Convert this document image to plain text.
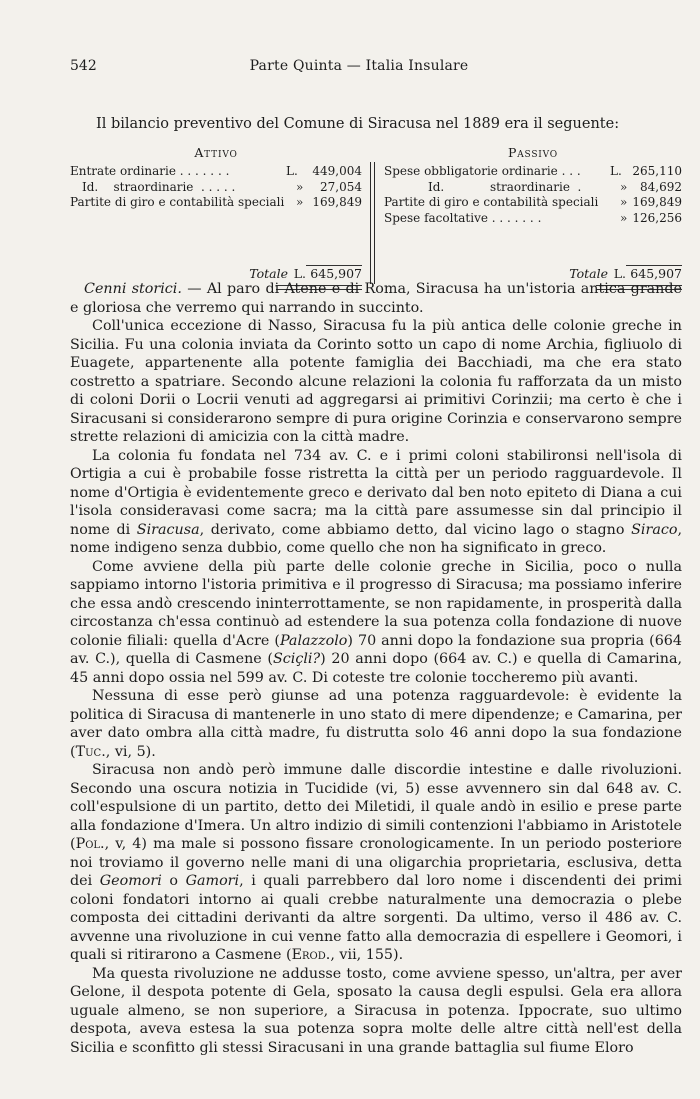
542	Parte Quinta — Italia Insulare
Il bilancio preventivo del Comune di Siracusa nel 1889 era il seguente:
Attivo	Passivo
Entrate ordinarie . . . . . . .	L. 449,004
Id.    straordinarie  . . . . .	» 27,054
Partite di giro e contabilità speciali » 169,849
Totale L. 645,907
Spese obbligatorie ordinarie . . . L. 265,110
Id.            straordinarie  .	» 84,692
Partite di giro e contabilità speciali » 169,849
Spese facoltative . . . . . . .	» 126,256
Totale L. 645,907

Cenni storici. — Al paro di Atene e di Roma, Siracusa ha un'istoria antica grande e gloriosa che verremo qui narrando in succinto.

Coll'unica eccezione di Nasso, Siracusa fu la più antica delle colonie greche in Sicilia. Fu una colonia inviata da Corinto sotto un capo di nome Archia, figliuolo di Euagete, appartenente alla potente famiglia dei Bacchiadi, ma che era stato costretto a spatriare. Secondo alcune relazioni la colonia fu rafforzata da un misto di coloni Dorii o Locrii venuti ad aggregarsi ai primitivi Corinzii; ma certo è che i Siracusani si considerarono sempre di pura origine Corinzia e conservarono sempre strette relazioni di amicizia con la città madre.

La colonia fu fondata nel 734 av. C. e i primi coloni stabilironsi nell'isola di Ortigia a cui è probabile fosse ristretta la città per un periodo ragguardevole. Il nome d'Ortigia è evidentemente greco e derivato dal ben noto epiteto di Diana a cui l'isola consideravasi come sacra; ma la città pare assumesse sin dal principio il nome di Siracusa, derivato, come abbiamo detto, dal vicino lago o stagno Siraco, nome indigeno senza dubbio, come quello che non ha significato in greco.

Come avviene della più parte delle colonie greche in Sicilia, poco o nulla sappiamo intorno l'istoria primitiva e il progresso di Siracusa; ma possiamo inferire che essa andò crescendo ininterrottamente, se non rapidamente, in prosperità dalla circostanza ch'essa continuò ad estendere la sua potenza colla fondazione di nuove colonie filiali: quella d'Acre (Palazzolo) 70 anni dopo la fondazione sua propria (664 av. C.), quella di Casmene (Sciçli?) 20 anni dopo (664 av. C.) e quella di Camarina, 45 anni dopo ossia nel 599 av. C. Di coteste tre colonie toccheremo più avanti.

Nessuna di esse però giunse ad una potenza ragguardevole: è evidente la politica di Siracusa di mantenerle in uno stato di mere dipendenze; e Camarina, per aver dato ombra alla città madre, fu distrutta solo 46 anni dopo la sua fondazione (Tuc., vi, 5).

Siracusa non andò però immune dalle discordie intestine e dalle rivoluzioni. Secondo una oscura notizia in Tucidide (vi, 5) esse avvennero sin dal 648 av. C. coll'espulsione di un partito, detto dei Miletidi, il quale andò in esilio e prese parte alla fondazione d'Imera. Un altro indizio di simili contenzioni l'abbiamo in Aristotele (Pol., v, 4) ma male si possono fissare cronologicamente. In un periodo posteriore noi troviamo il governo nelle mani di una oligarchia proprietaria, esclusiva, detta dei Geomori o Gamori, i quali parrebbero dal loro nome i discendenti dei primi coloni fondatori intorno ai quali crebbe naturalmente una democrazia o plebe composta dei cittadini derivanti da altre sorgenti. Da ultimo, verso il 486 av. C. avvenne una rivoluzione in cui venne fatto alla democrazia di espellere i Geomori, i quali si ritirarono a Casmene (Erod., vii, 155).

Ma questa rivoluzione ne addusse tosto, come avviene spesso, un'altra, per aver Gelone, il despota potente di Gela, sposato la causa degli espulsi. Gela era allora uguale almeno, se non superiore, a Siracusa in potenza. Ippocrate, suo ultimo despota, aveva estesa la sua potenza sopra molte delle altre città nell'est della Sicilia e sconfitto gli stessi Siracusani in una grande battaglia sul fiume Eloro
